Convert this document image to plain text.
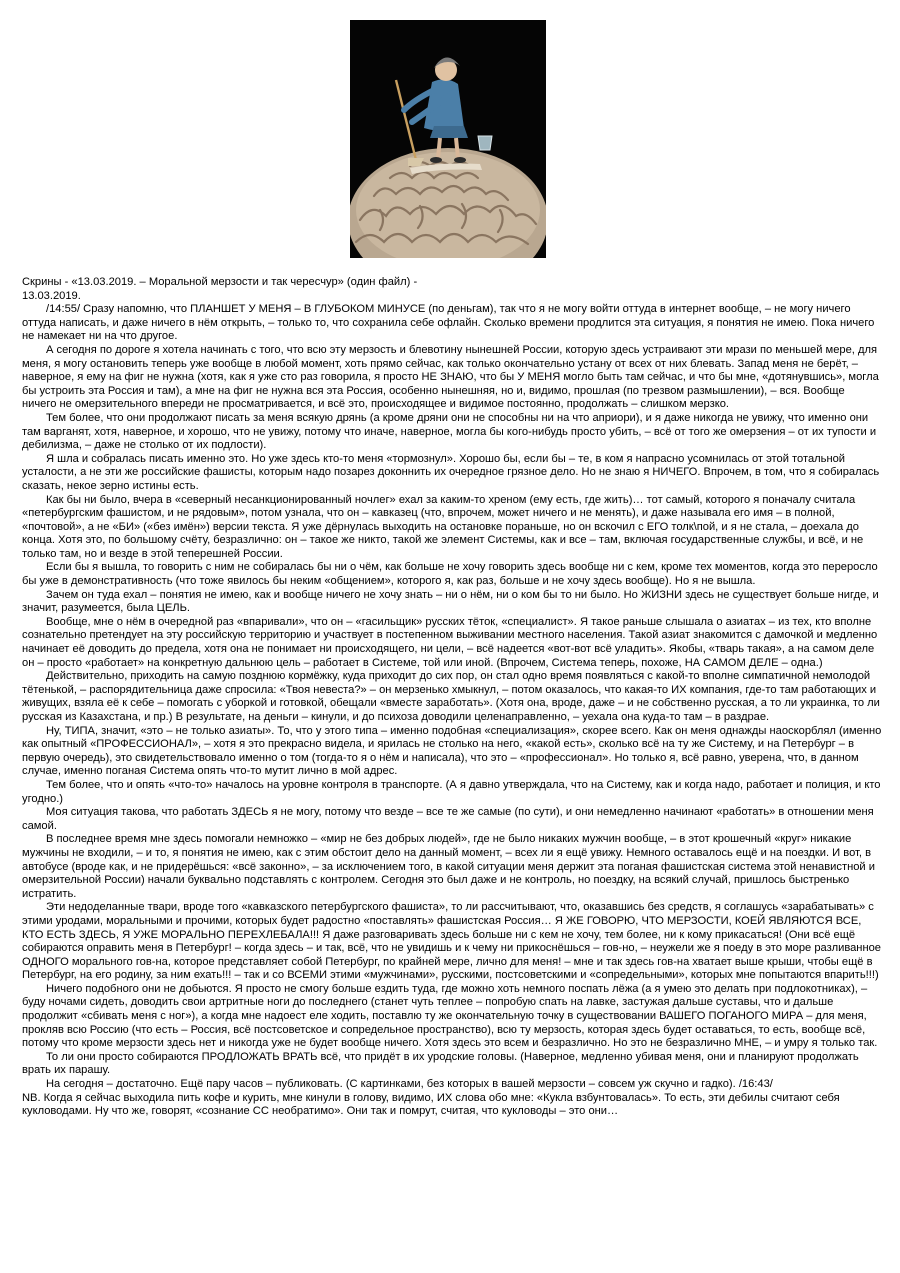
Скрины - «13.03.2019. – Моральной мерзости и так чересчур» (один файл) -

13.03.2019.

/14:55/ Сразу напомню, что ПЛАНШЕТ У МЕНЯ – В ГЛУБОКОМ МИНУСЕ (по деньгам), так что я не могу войти оттуда в интернет вообще, – не могу ничего оттуда написать, и даже ничего в нём открыть, – только то, что сохранила себе офлайн. Сколько времени продлится эта ситуация, я понятия не имею. Пока ничего не намекает ни на что другое.

А сегодня по дороге я хотела начинать с того, что всю эту мерзость и блевотину нынешней России, которую здесь устраивают эти мрази по меньшей мере, для меня, я могу остановить теперь уже вообще в любой момент, хоть прямо сейчас, как только окончательно устану от всех от них блевать. Запад меня не берёт, – наверное, я ему на фиг не нужна (хотя, как я уже сто раз говорила, я просто НЕ ЗНАЮ, что бы У МЕНЯ могло быть там сейчас, и что бы мне, «дотянувшись», могла бы устроить эта Россия и там), а мне на фиг не нужна вся эта Россия, особенно нынешняя, но и, видимо, прошлая (по трезвом размышлении), – вся. Вообще ничего не омерзительного впереди не просматривается, и всё это, происходящее и видимое постоянно, продолжать – слишком мерзко.

Тем более, что они продолжают писать за меня всякую дрянь (а кроме дряни они не способны ни на что априори), и я даже никогда не увижу, что именно они там варганят, хотя, наверное, и хорошо, что не увижу, потому что иначе, наверное, могла бы кого-нибудь просто убить, – всё от того же омерзения – от их тупости и дебилизма, – даже не столько от их подлости).

Я шла и собралась писать именно это. Но уже здесь кто-то меня «тормознул». Хорошо бы, если бы – те, в ком я напрасно усомнилась от этой тотальной усталости, а не эти же российские фашисты, которым надо позарез доконнить их очередное грязное дело. Но не знаю я НИЧЕГО. Впрочем, в том, что я собиралась сказать, некое зерно истины есть.

Как бы ни было, вчера в «северный несанкционированный ночлег» ехал за каким-то хреном (ему есть, где жить)… тот самый, которого я поначалу считала «петербургским фашистом, и не рядовым», потом узнала, что он – кавказец (что, впрочем, может ничего и не менять), и даже называла его имя – в полной, «почтовой», а не «БИ» («без имён») версии текста. Я уже дёрнулась выходить на остановке пораньше, но он вскочил с ЕГО толк\пой, и я не стала, – доехала до конца. Хотя это, по большому счёту, безразлично: он – такое же никто, такой же элемент Системы, как и все – там, включая государственные службы, и всё, и не только там, но и везде в этой теперешней России.

Если бы я вышла, то говорить с ним не собиралась бы ни о чём, как больше не хочу говорить здесь вообще ни с кем, кроме тех моментов, когда это переросло бы уже в демонстративность (что тоже явилось бы неким «общением», которого я, как раз, больше и не хочу здесь вообще). Но я не вышла.

Зачем он туда ехал – понятия не имею, как и вообще ничего не хочу знать – ни о нём, ни о ком бы то ни было. Но ЖИЗНИ здесь не существует больше нигде, и значит, разумеется, была ЦЕЛЬ.

Вообще, мне о нём в очередной раз «впаривали», что он – «гасильщик» русских тёток, «специалист». Я такое раньше слышала о азиатах – из тех, кто вполне сознательно претендует на эту российскую территорию и участвует в постепенном выживании местного населения. Такой азиат знакомится с дамочкой и медленно начинает её доводить до предела, хотя она не понимает ни происходящего, ни цели, – всё надеется «вот-вот всё уладить». Якобы, «тварь такая», а на самом деле он – просто «работает» на конкретную дальнюю цель – работает в Системе, той или иной. (Впрочем, Система теперь, похоже, НА САМОМ ДЕЛЕ – одна.)

Действительно, приходить на самую позднюю кормёжку, куда приходит до сих пор, он стал одно время появляться с какой-то вполне симпатичной немолодой тётенькой, – распорядительница даже спросила: «Твоя невеста?» – он мерзенько хмыкнул, – потом оказалось, что какая-то ИХ компания, где-то там работающих и живущих, взяла её к себе – помогать с уборкой и готовкой, обещали «вместе заработать». (Хотя она, вроде, даже – и не собственно русская, а то ли украинка, то ли русская из Казахстана, и пр.) В результате, на деньги – кинули, и до психоза доводили целенаправленно, – уехала она куда-то там – в раздрае.

Ну, ТИПА, значит, «это – не только азиаты». То, что у этого типа – именно подобная «специализация», скорее всего. Как он меня однажды наоскорблял (именно как опытный «ПРОФЕССИОНАЛ», – хотя я это прекрасно видела, и ярилась не столько на него, «какой есть», сколько всё на ту же Систему, и на Петербург – в первую очередь), это свидетельствовало именно о том (тогда-то я о нём и написала), что это – «профессионал». Но только я, всё равно, уверена, что, в данном случае, именно поганая Система опять что-то мутит лично в мой адрес.

Тем более, что и опять «что-то» началось на уровне контроля в транспорте. (А я давно утверждала, что на Систему, как и когда надо, работает и полиция, и кто угодно.)

Моя ситуация такова, что работать ЗДЕСЬ я не могу, потому что везде – все те же самые (по сути), и они немедленно начинают «работать» в отношении меня самой.

В последнее время мне здесь помогали немножко – «мир не без добрых людей», где не было никаких мужчин вообще, – в этот крошечный «круг» никакие мужчины не входили, – и то, я понятия не имею, как с этим обстоит дело на данный момент, – всех ли я ещё увижу. Немного оставалось ещё и на поездки. И вот, в автобусе (вроде как, и не придерёшься: «всё законно», – за исключением того, в какой ситуации меня держит эта поганая фашистская система этой ненавистной и омерзительной России) начали буквально подставлять с контролем. Сегодня это был даже и не контроль, но поездку, на всякий случай, пришлось быстренько истратить.

Эти недоделанные твари, вроде того «кавказского петербургского фашиста», то ли рассчитывают, что, оказавшись без средств, я соглашусь «зарабатывать» с этими уродами, моральными и прочими, которых будет радостно «поставлять» фашистская Россия… Я ЖЕ ГОВОРЮ, ЧТО МЕРЗОСТИ, КОЕЙ ЯВЛЯЮТСЯ ВСЕ, КТО ЕСТЬ ЗДЕСЬ, Я УЖЕ МОРАЛЬНО ПЕРЕХЛЕБАЛА!!! Я даже разговаривать здесь больше ни с кем не хочу, тем более, ни к кому прикасаться! (Они всё ещё собираются оправить меня в Петербург! – когда здесь – и так, всё, что не увидишь и к чему ни прикоснёшься – гов-но, – неужели же я поеду в это море разливанное ОДНОГО морального гов-на, которое представляет собой Петербург, по крайней мере, лично для меня! – мне и так здесь гов-на хватает выше крыши, чтобы ещё в Петербург, на его родину, за ним ехать!!! – так и со ВСЕМИ этими «мужчинами», русскими, постсоветскими и «сопредельными», которых мне попытаются впарить!!!)

Ничего подобного они не добьются. Я просто не смогу больше ездить туда, где можно хоть немного поспать лёжа (а я умею это делать при подлокотниках), – буду ночами сидеть, доводить свои артритные ноги до последнего (станет чуть теплее – попробую спать на лавке, застужая дальше суставы, что и дальше продолжит «сбивать меня с ног»), а когда мне надоест еле ходить, поставлю ту же окончательную точку в существовании ВАШЕГО ПОГАНОГО МИРА – для меня, прокляв всю Россию (что есть – Россия, всё постсоветское и сопредельное пространство), всю ту мерзость, которая здесь будет оставаться, то есть, вообще всё, потому что кроме мерзости здесь нет и никогда уже не будет вообще ничего. Хотя здесь это всем и безразлично. Но это не безразлично МНЕ, – и умру я только так.

То ли они просто собираются ПРОДЛОЖАТЬ ВРАТЬ всё, что придёт в их уродские головы. (Наверное, медленно убивая меня, они и планируют продолжать врать их парашу.

На сегодня – достаточно. Ещё пару часов – публиковать. (С картинками, без которых в вашей мерзости – совсем уж скучно и гадко). /16:43/

NB. Когда я сейчас выходила пить кофе и курить, мне кинули в голову, видимо, ИХ слова обо мне: «Кукла взбунтовалась». То есть, эти дебилы считают себя кукловодами. Ну что же, говорят, «сознание СС необратимо». Они так и помрут, считая, что кукловоды – это они…
